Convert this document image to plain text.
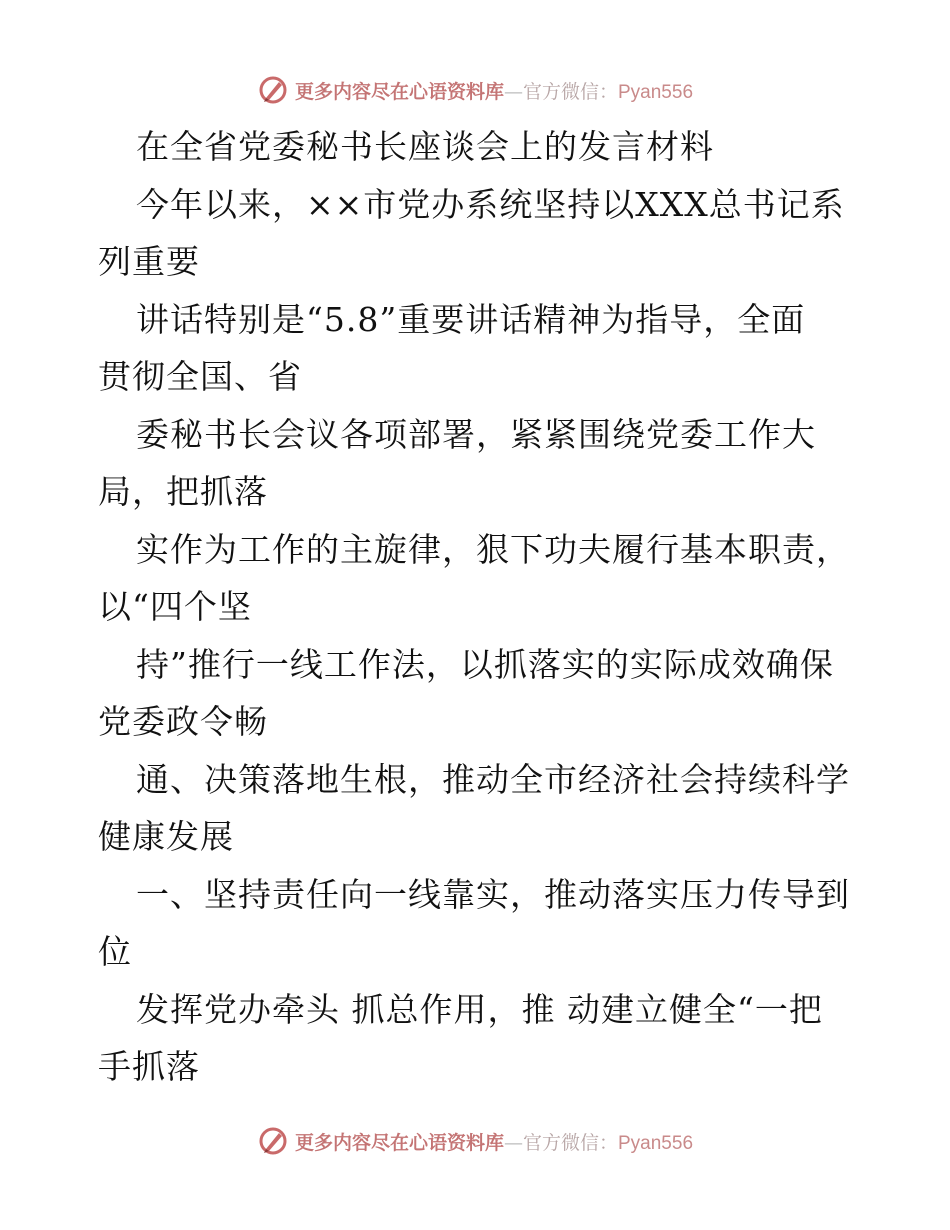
更多内容尽在心语资料库—官方微信：Pyan556
在全省党委秘书长座谈会上的发言材料
今年以来，××市党办系统坚持以XXX总书记系
列重要
讲话特别是“5.8”重要讲话精神为指导，全面
贯彻全国、省
委秘书长会议各项部署，紧紧围绕党委工作大
局，把抓落
实作为工作的主旋律，狠下功夫履行基本职责，
以“四个坚
持”推行一线工作法，以抓落实的实际成效确保
党委政令畅
通、决策落地生根，推动全市经济社会持续科学
健康发展
一、坚持责任向一线靠实，推动落实压力传导到
位
发挥党办牵头 抓总作用，推 动建立健全“一把
手抓落
更多内容尽在心语资料库—官方微信：Pyan556
